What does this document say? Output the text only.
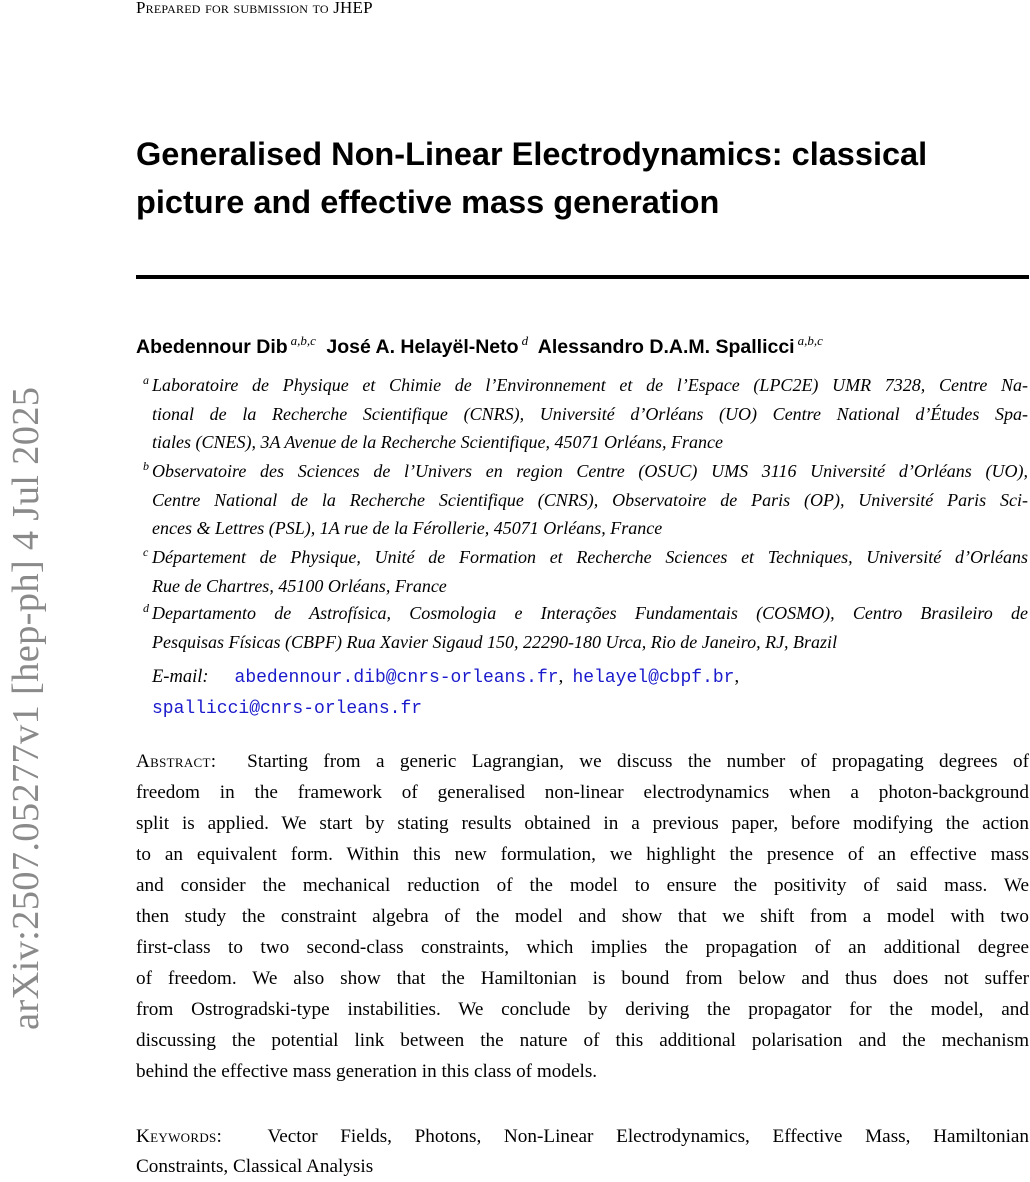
Prepared for submission to JHEP
arXiv:2507.05277v1 [hep-ph] 4 Jul 2025
Generalised Non-Linear Electrodynamics: classical
picture and effective mass generation
Abedennour Dib $^{a,b,c}$ José A. Helayël-Neto $^d$ Alessandro D.A.M. Spallicci $^{a,b,c}$
a Laboratoire de Physique et Chimie de l’Environnement et de l’Espace (LPC2E) UMR 7328, Centre Na-
tional de la Recherche Scientifique (CNRS), Université d’Orléans (UO) Centre National d’Études Spa-
tiales (CNES), 3A Avenue de la Recherche Scientifique, 45071 Orléans, France
b Observatoire des Sciences de l’Univers en region Centre (OSUC) UMS 3116 Université d’Orléans (UO),
Centre National de la Recherche Scientifique (CNRS), Observatoire de Paris (OP), Université Paris Sci-
ences & Lettres (PSL), 1A rue de la Férollerie, 45071 Orléans, France
c Département de Physique, Unité de Formation et Recherche Sciences et Techniques, Université d’Orléans
Rue de Chartres, 45100 Orléans, France
d Departamento de Astrofísica, Cosmologia e Interações Fundamentais (COSMO), Centro Brasileiro de
Pesquisas Físicas (CBPF) Rua Xavier Sigaud 150, 22290-180 Urca, Rio de Janeiro, RJ, Brazil
E-mail: abedennour.dib@cnrs-orleans.fr,  helayel@cbpf.br,
spallicci@cnrs-orleans.fr
Abstract: Starting from a generic Lagrangian, we discuss the number of propagating degrees of
freedom in the framework of generalised non-linear electrodynamics when a photon-background
split is applied. We start by stating results obtained in a previous paper, before modifying the action
to an equivalent form. Within this new formulation, we highlight the presence of an effective mass
and consider the mechanical reduction of the model to ensure the positivity of said mass. We
then study the constraint algebra of the model and show that we shift from a model with two
first-class to two second-class constraints, which implies the propagation of an additional degree
of freedom. We also show that the Hamiltonian is bound from below and thus does not suffer
from Ostrogradski-type instabilities. We conclude by deriving the propagator for the model, and
discussing the potential link between the nature of this additional polarisation and the mechanism
behind the effective mass generation in this class of models.
Keywords: Vector Fields, Photons, Non-Linear Electrodynamics, Effective Mass, Hamiltonian
Constraints, Classical Analysis
